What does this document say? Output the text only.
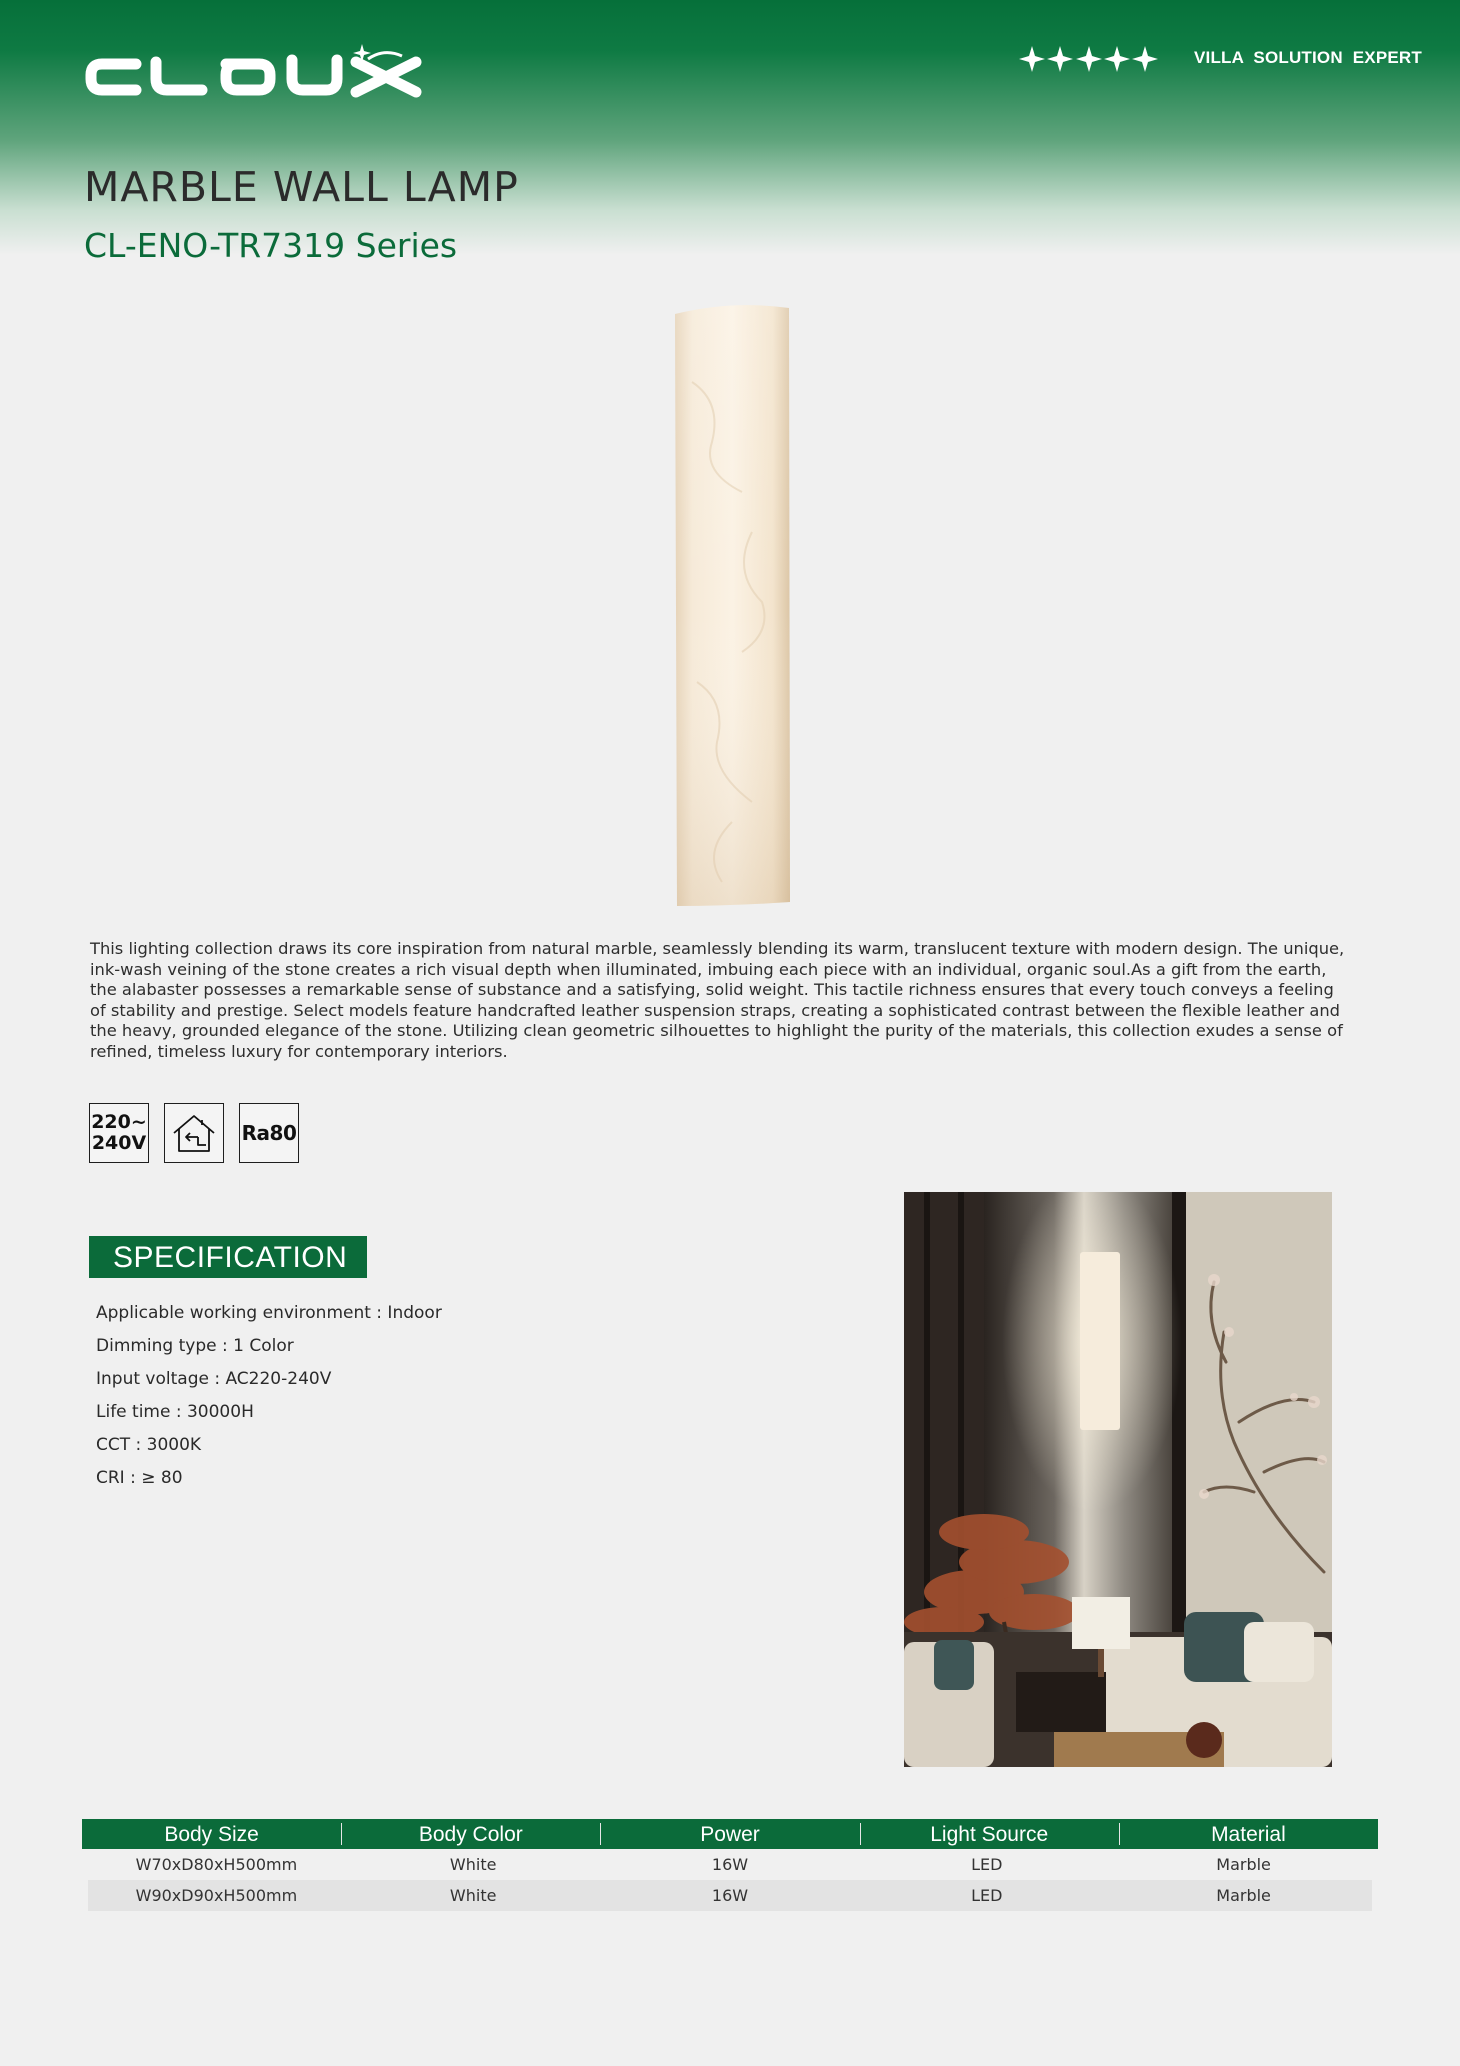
VILLA SOLUTION EXPERT
MARBLE WALL LAMP
CL-ENO-TR7319 Series

This lighting collection draws its core inspiration from natural marble, seamlessly blending its warm, translucent texture with modern design. The unique, ink-wash veining of the stone creates a rich visual depth when illuminated, imbuing each piece with an individual, organic soul.As a gift from the earth, the alabaster possesses a remarkable sense of substance and a satisfying, solid weight. This tactile richness ensures that every touch conveys a feeling of stability and prestige. Select models feature handcrafted leather suspension straps, creating a sophisticated contrast between the flexible leather and the heavy, grounded elegance of the stone. Utilizing clean geometric silhouettes to highlight the purity of the materials, this collection exudes a sense of refined, timeless luxury for contemporary interiors.

220~
240V	Ra80
SPECIFICATION
Applicable working environment : Indoor
Dimming type : 1 Color
Input voltage : AC220-240V
Life time : 30000H
CCT : 3000K
CRI : ≥ 80
Body Size	Body Color	Power	Light Source	Material
W70xD80xH500mm	White	16W	LED	Marble
W90xD90xH500mm	White	16W	LED	Marble
